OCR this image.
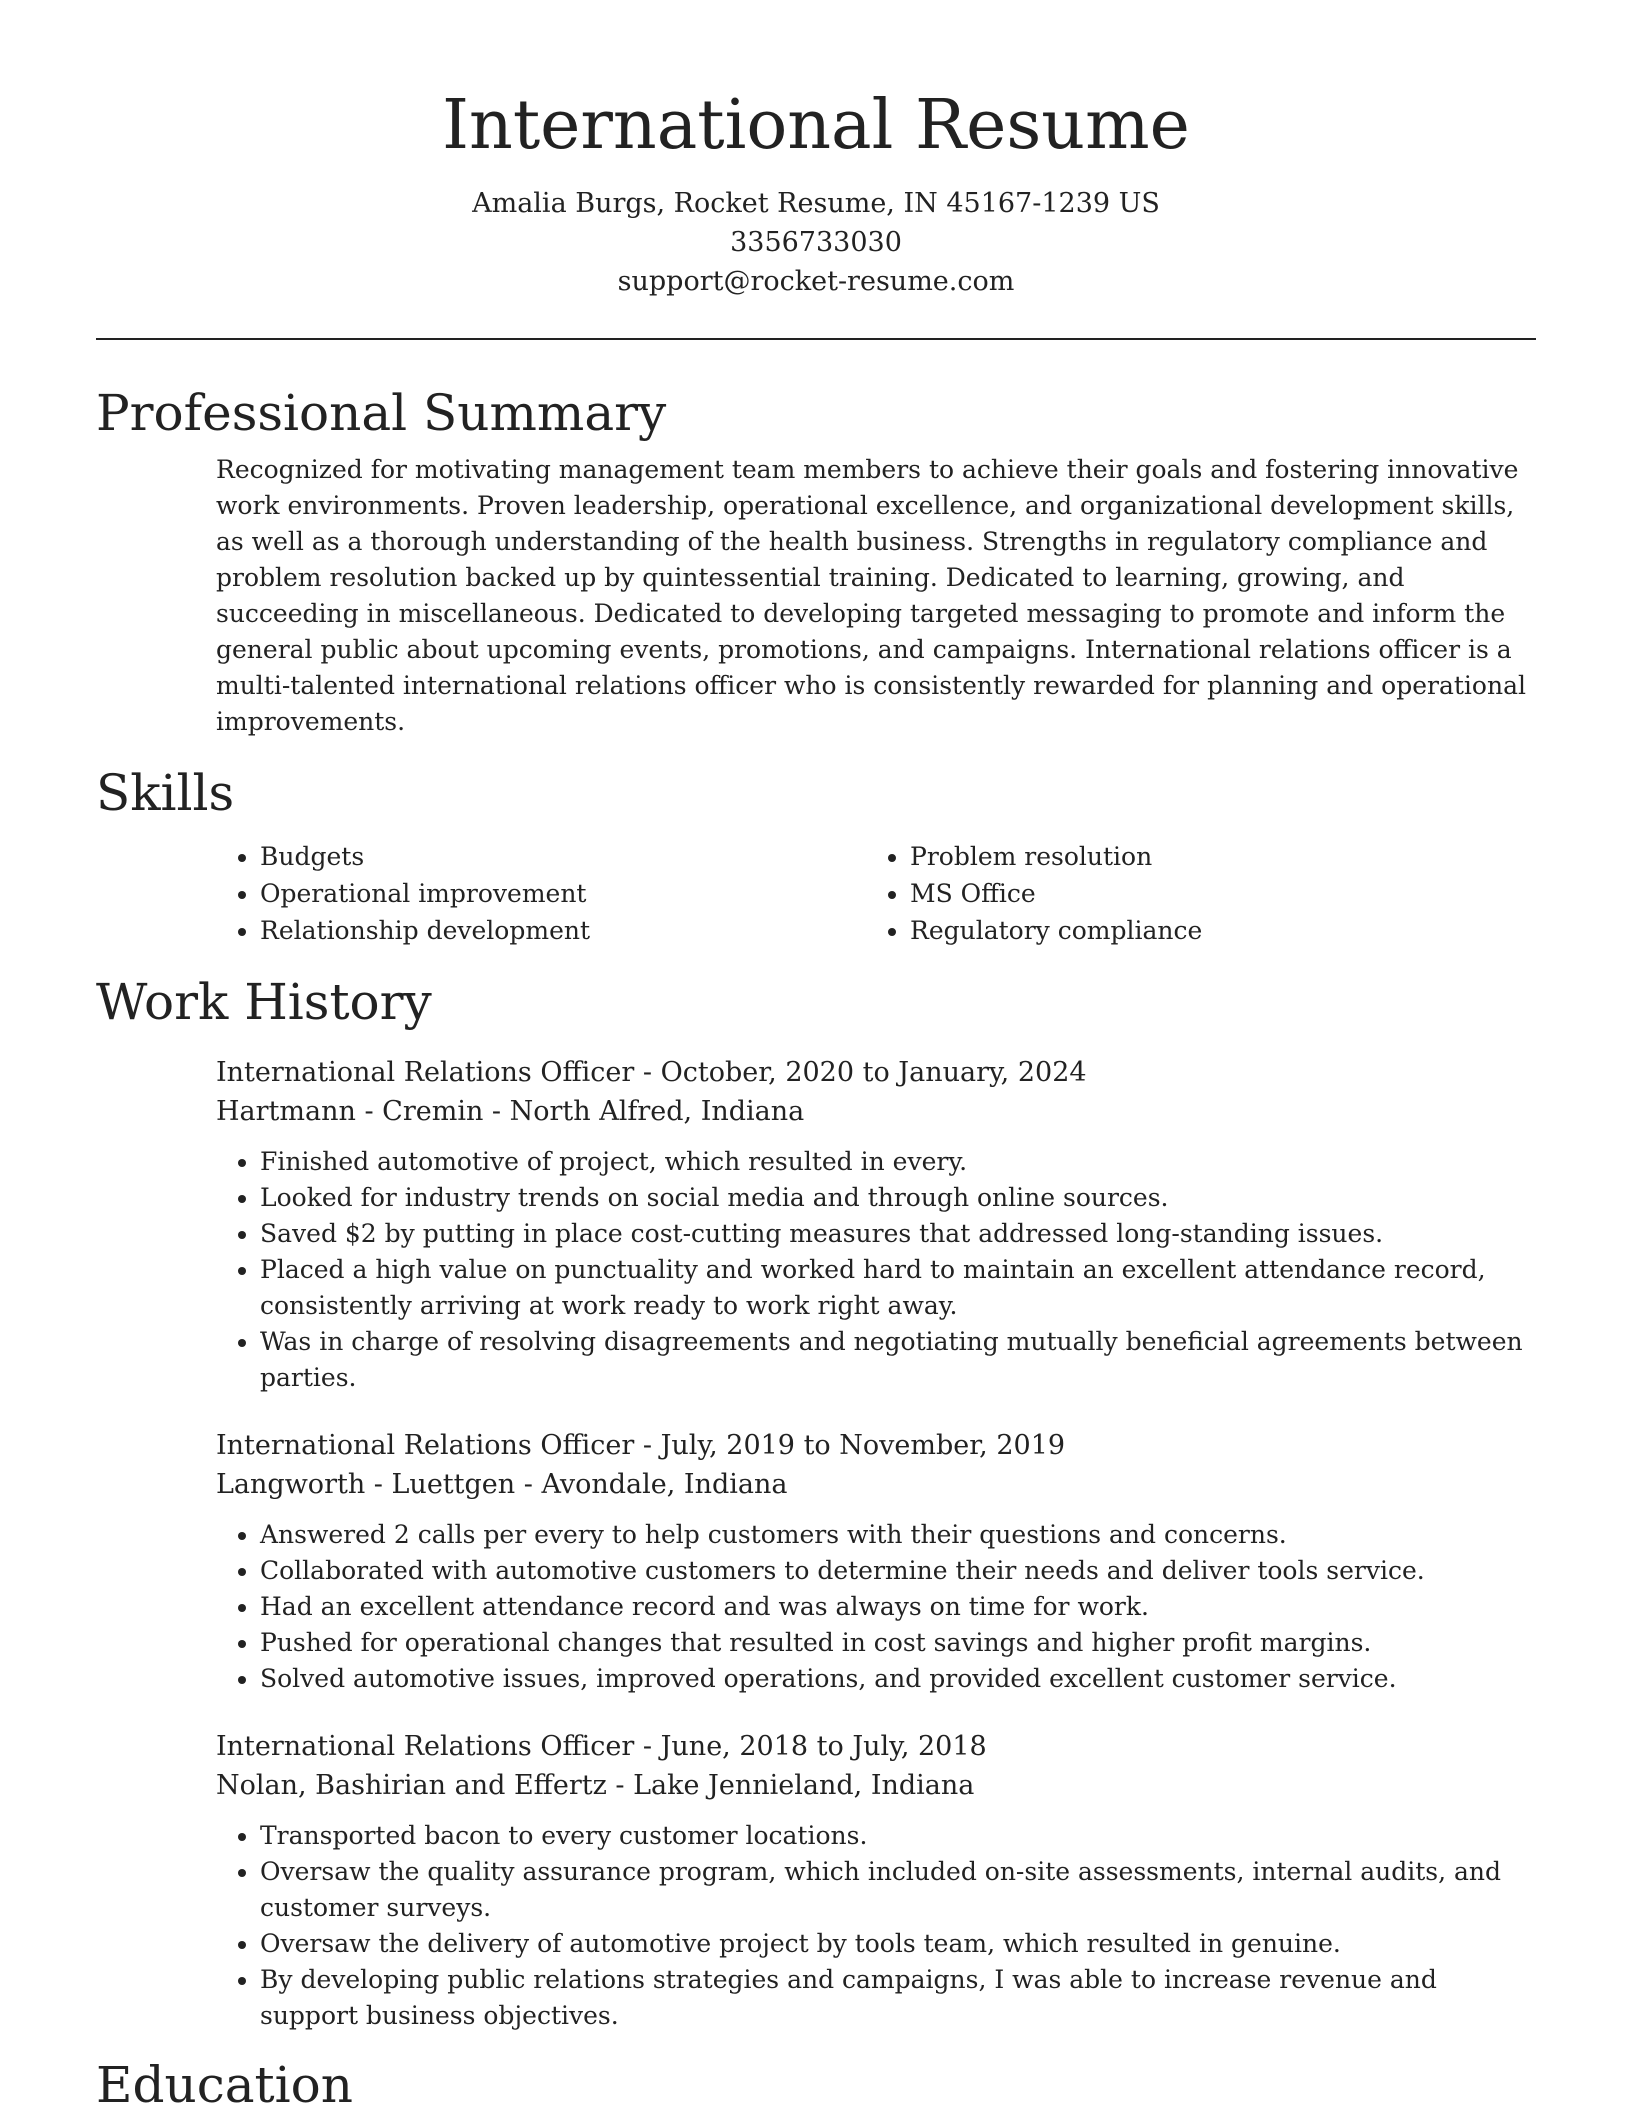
International Resume
Amalia Burgs, Rocket Resume, IN 45167-1239 US
3356733030
support@rocket-resume.com
Professional Summary

Recognized for motivating management team members to achieve their goals and fostering innovative work environments. Proven leadership, operational excellence, and organizational development skills, as well as a thorough understanding of the health business. Strengths in regulatory compliance and problem resolution backed up by quintessential training. Dedicated to learning, growing, and succeeding in miscellaneous. Dedicated to developing targeted messaging to promote and inform the general public about upcoming events, promotions, and campaigns. International relations officer is a multi-talented international relations officer who is consistently rewarded for planning and operational improvements.

Skills
• Budgets
• Operational improvement
• Relationship development
• Problem resolution
• MS Office
• Regulatory compliance
Work History
International Relations Officer - October, 2020 to January, 2024
Hartmann - Cremin - North Alfred, Indiana
• Finished automotive of project, which resulted in every.
• Looked for industry trends on social media and through online sources.
• Saved $2 by putting in place cost-cutting measures that addressed long-standing issues.
• Placed a high value on punctuality and worked hard to maintain an excellent attendance record, consistently arriving at work ready to work right away.
• Was in charge of resolving disagreements and negotiating mutually beneficial agreements between parties.
International Relations Officer - July, 2019 to November, 2019
Langworth - Luettgen - Avondale, Indiana
• Answered 2 calls per every to help customers with their questions and concerns.
• Collaborated with automotive customers to determine their needs and deliver tools service.
• Had an excellent attendance record and was always on time for work.
• Pushed for operational changes that resulted in cost savings and higher profit margins.
• Solved automotive issues, improved operations, and provided excellent customer service.
International Relations Officer - June, 2018 to July, 2018
Nolan, Bashirian and Effertz - Lake Jennieland, Indiana
• Transported bacon to every customer locations.
• Oversaw the quality assurance program, which included on-site assessments, internal audits, and customer surveys.
• Oversaw the delivery of automotive project by tools team, which resulted in genuine.
• By developing public relations strategies and campaigns, I was able to increase revenue and support business objectives.
Education
